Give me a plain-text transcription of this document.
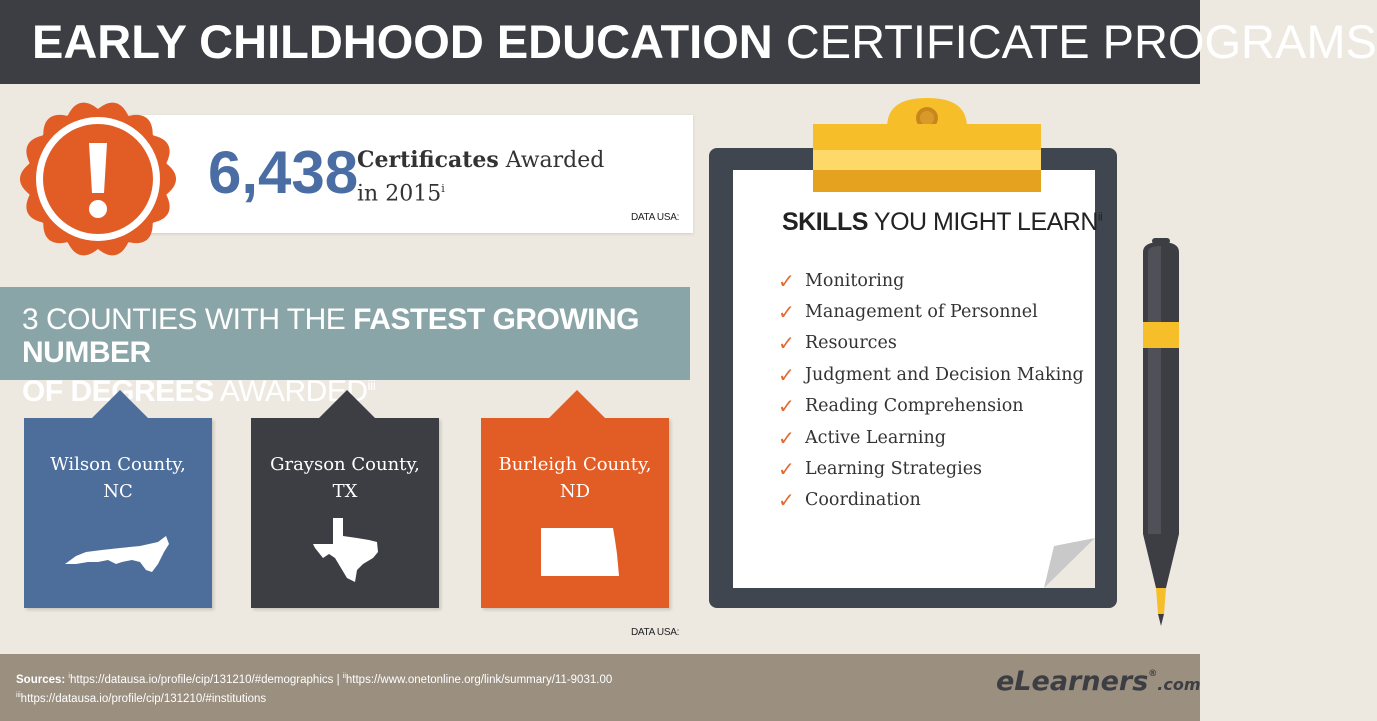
EARLY CHILDHOOD EDUCATION CERTIFICATE PROGRAMS
6,438
Certificates Awarded
in 2015$^i$
DATA USA:
3 COUNTIES WITH THE FASTEST GROWING NUMBER
OF DEGREES AWARDED$^{iii}$
Wilson County,
NC
Grayson County,
TX
Burleigh County,
ND
DATA USA:
SKILLS YOU MIGHT LEARN$^{ii}$
✓ Monitoring
✓ Management of Personnel
✓ Resources
✓ Judgment and Decision Making
✓ Reading Comprehension
✓ Active Learning
✓ Learning Strategies
✓ Coordination
Sources: $^i$https://datausa.io/profile/cip/131210/#demographics | $^{ii}$https://www.onetonline.org/link/summary/11-9031.00
$^{iii}$https://datausa.io/profile/cip/131210/#institutions
eLearners®.com
